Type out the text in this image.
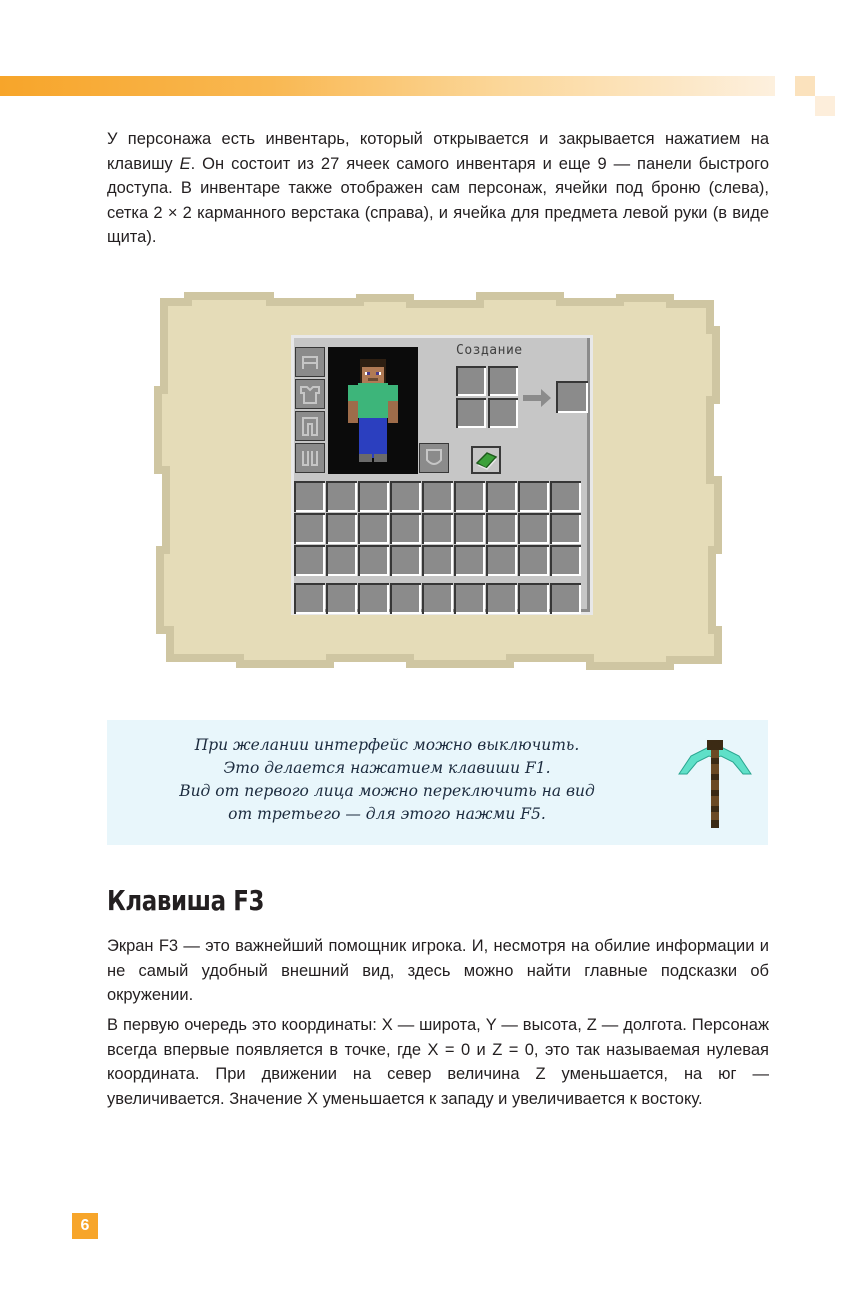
У персонажа есть инвентарь, который открывается и закрывается нажатием на клавишу E. Он состоит из 27 ячеек самого инвентаря и еще 9 — панели быстрого доступа. В инвентаре также отображен сам персонаж, ячейки под броню (слева), сетка 2 × 2 карманного верстака (справа), и ячейка для предмета левой руки (в виде щита).

Создание
При желании интерфейс можно выключить.
Это делается нажатием клавиши F1.
Вид от первого лица можно переключить на вид
от третьего — для этого нажми F5.
Клавиша F3

Экран F3 — это важнейший помощник игрока. И, несмотря на обилие информации и не самый удобный внешний вид, здесь можно найти главные подсказки об окружении.

В первую очередь это координаты: X — широта, Y — высота, Z — долгота. Персонаж всегда впервые появляется в точке, где X = 0 и Z = 0, это так называемая нулевая координата. При движении на север величина Z уменьшается, на юг — увеличивается. Значение X уменьшается к западу и увеличивается к востоку.

6
